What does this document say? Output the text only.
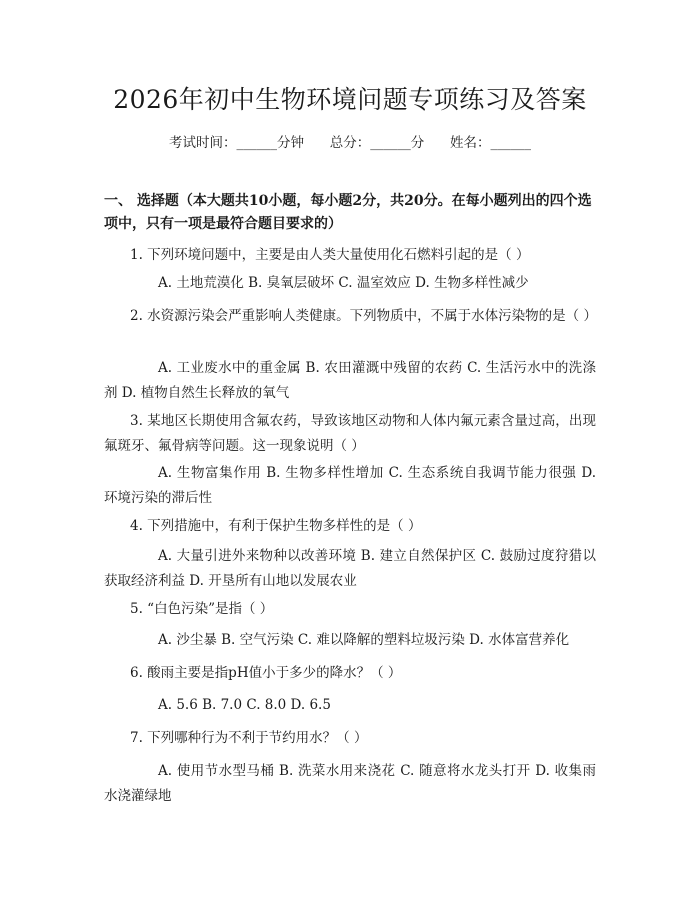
2026年初中生物环境问题专项练习及答案
考试时间：______分钟 总分：______分 姓名：______
一、 选择题（本大题共10小题，每小题2分，共20分。在每小题列出的四个选项中，只有一项是最符合题目要求的）
1. 下列环境问题中，主要是由人类大量使用化石燃料引起的是（ ）
A. 土地荒漠化 B. 臭氧层破坏 C. 温室效应 D. 生物多样性减少
2. 水资源污染会严重影响人类健康。下列物质中，不属于水体污染物的是（ ）
A. 工业废水中的重金属 B. 农田灌溉中残留的农药 C. 生活污水中的洗涤剂 D. 植物自然生长释放的氧气
3. 某地区长期使用含氟农药，导致该地区动物和人体内氟元素含量过高，出现氟斑牙、氟骨病等问题。这一现象说明（ ）
A. 生物富集作用 B. 生物多样性增加 C. 生态系统自我调节能力很强 D. 环境污染的滞后性
4. 下列措施中，有利于保护生物多样性的是（ ）
A. 大量引进外来物种以改善环境 B. 建立自然保护区 C. 鼓励过度狩猎以获取经济利益 D. 开垦所有山地以发展农业
5. “白色污染”是指（ ）
A. 沙尘暴 B. 空气污染 C. 难以降解的塑料垃圾污染 D. 水体富营养化
6. 酸雨主要是指pH值小于多少的降水？（ ）
A. 5.6 B. 7.0 C. 8.0 D. 6.5
7. 下列哪种行为不利于节约用水？（ ）
A. 使用节水型马桶 B. 洗菜水用来浇花 C. 随意将水龙头打开 D. 收集雨水浇灌绿地
